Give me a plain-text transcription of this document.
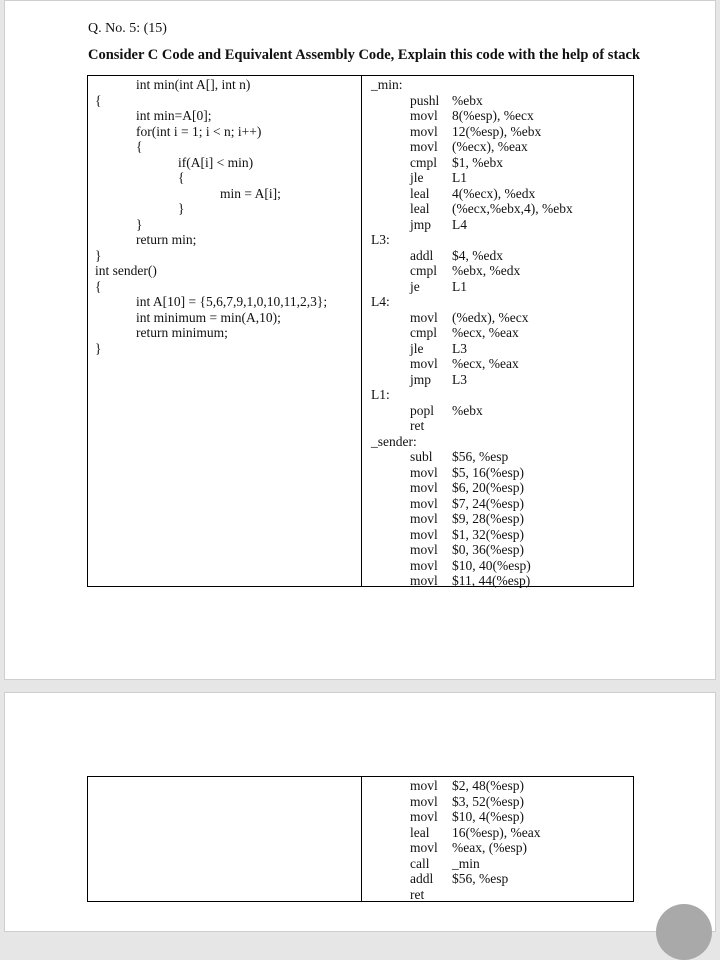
Q. No. 5: (15)
Consider C Code and Equivalent Assembly Code, Explain this code with the help of stack
int min(int A[], int n)
{
int min=A[0];
for(int i = 1; i < n; i++)
{
if(A[i] < min)
{
min = A[i];
}
}
return min;
}
int sender()
{
int A[10] = {5,6,7,9,1,0,10,11,2,3};
int minimum = min(A,10);
return minimum;
}
_min:
pushl %ebx
movl 8(%esp), %ecx
movl 12(%esp), %ebx
movl (%ecx), %eax
cmpl $1, %ebx
jle L1
leal 4(%ecx), %edx
leal (%ecx,%ebx,4), %ebx
jmp L4
L3:
addl $4, %edx
cmpl %ebx, %edx
je L1
L4:
movl (%edx), %ecx
cmpl %ecx, %eax
jle L3
movl %ecx, %eax
jmp L3
L1:
popl %ebx
ret
_sender:
subl $56, %esp
movl $5, 16(%esp)
movl $6, 20(%esp)
movl $7, 24(%esp)
movl $9, 28(%esp)
movl $1, 32(%esp)
movl $0, 36(%esp)
movl $10, 40(%esp)
movl $11, 44(%esp)
movl $2, 48(%esp)
movl $3, 52(%esp)
movl $10, 4(%esp)
leal 16(%esp), %eax
movl %eax, (%esp)
call _min
addl $56, %esp
ret
